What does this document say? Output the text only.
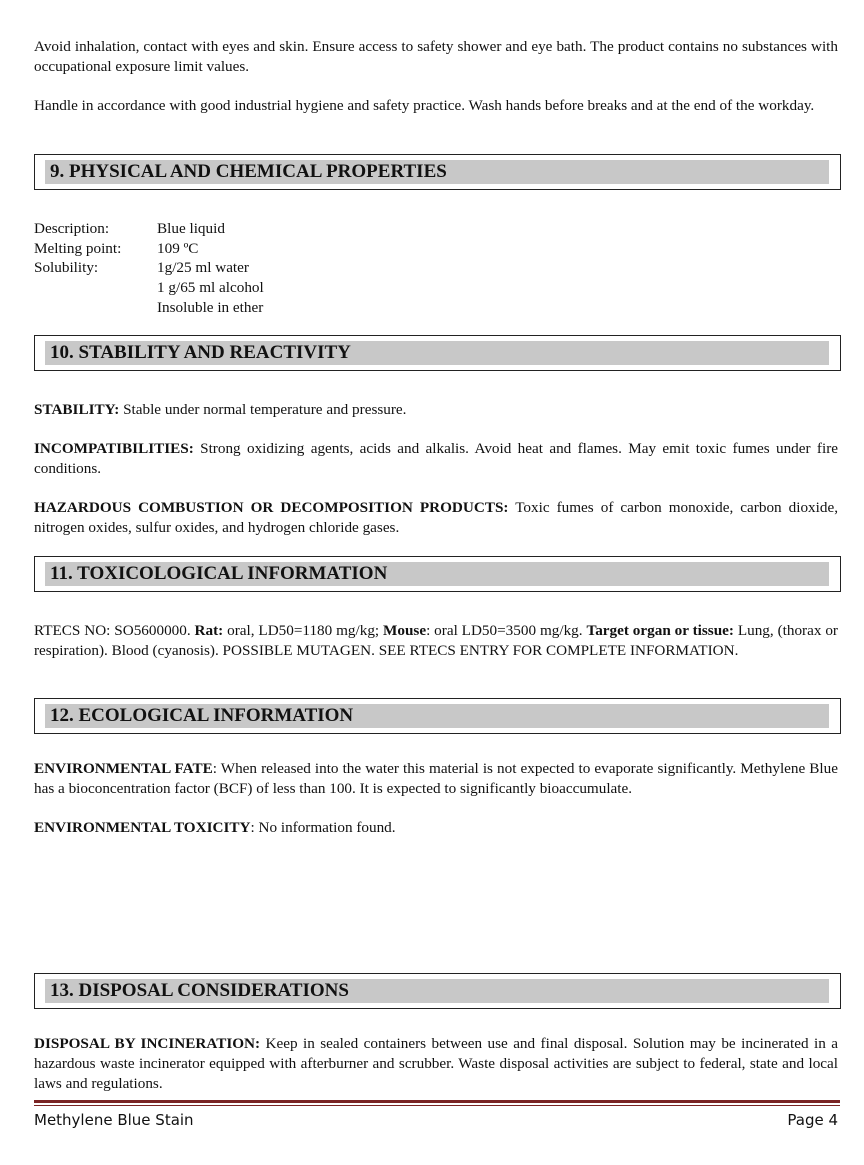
Avoid inhalation, contact with eyes and skin. Ensure access to safety shower and eye bath. The product contains no substances with occupational exposure limit values.

Handle in accordance with good industrial hygiene and safety practice. Wash hands before breaks and at the end of the workday.

9. PHYSICAL AND CHEMICAL PROPERTIES
Description:	Blue liquid
Melting point: 109 ºC
Solubility:	1g/25 ml water
1 g/65 ml alcohol
Insoluble in ether
10. STABILITY AND REACTIVITY

STABILITY: Stable under normal temperature and pressure.

INCOMPATIBILITIES: Strong oxidizing agents, acids and alkalis. Avoid heat and flames. May emit toxic fumes under fire conditions.

HAZARDOUS COMBUSTION OR DECOMPOSITION PRODUCTS: Toxic fumes of carbon monoxide, carbon dioxide, nitrogen oxides, sulfur oxides, and hydrogen chloride gases.

11. TOXICOLOGICAL INFORMATION

RTECS NO: SO5600000. Rat: oral, LD50=1180 mg/kg; Mouse: oral LD50=3500 mg/kg. Target organ or tissue: Lung, (thorax or respiration). Blood (cyanosis). POSSIBLE MUTAGEN. SEE RTECS ENTRY FOR COMPLETE INFORMATION.

12. ECOLOGICAL INFORMATION

ENVIRONMENTAL FATE: When released into the water this material is not expected to evaporate significantly. Methylene Blue has a bioconcentration factor (BCF) of less than 100. It is expected to significantly bioaccumulate.

ENVIRONMENTAL TOXICITY: No information found.

13. DISPOSAL CONSIDERATIONS

DISPOSAL BY INCINERATION: Keep in sealed containers between use and final disposal. Solution may be incinerated in a hazardous waste incinerator equipped with afterburner and scrubber. Waste disposal activities are subject to federal, state and local laws and regulations.

Methylene Blue Stain	Page 4
